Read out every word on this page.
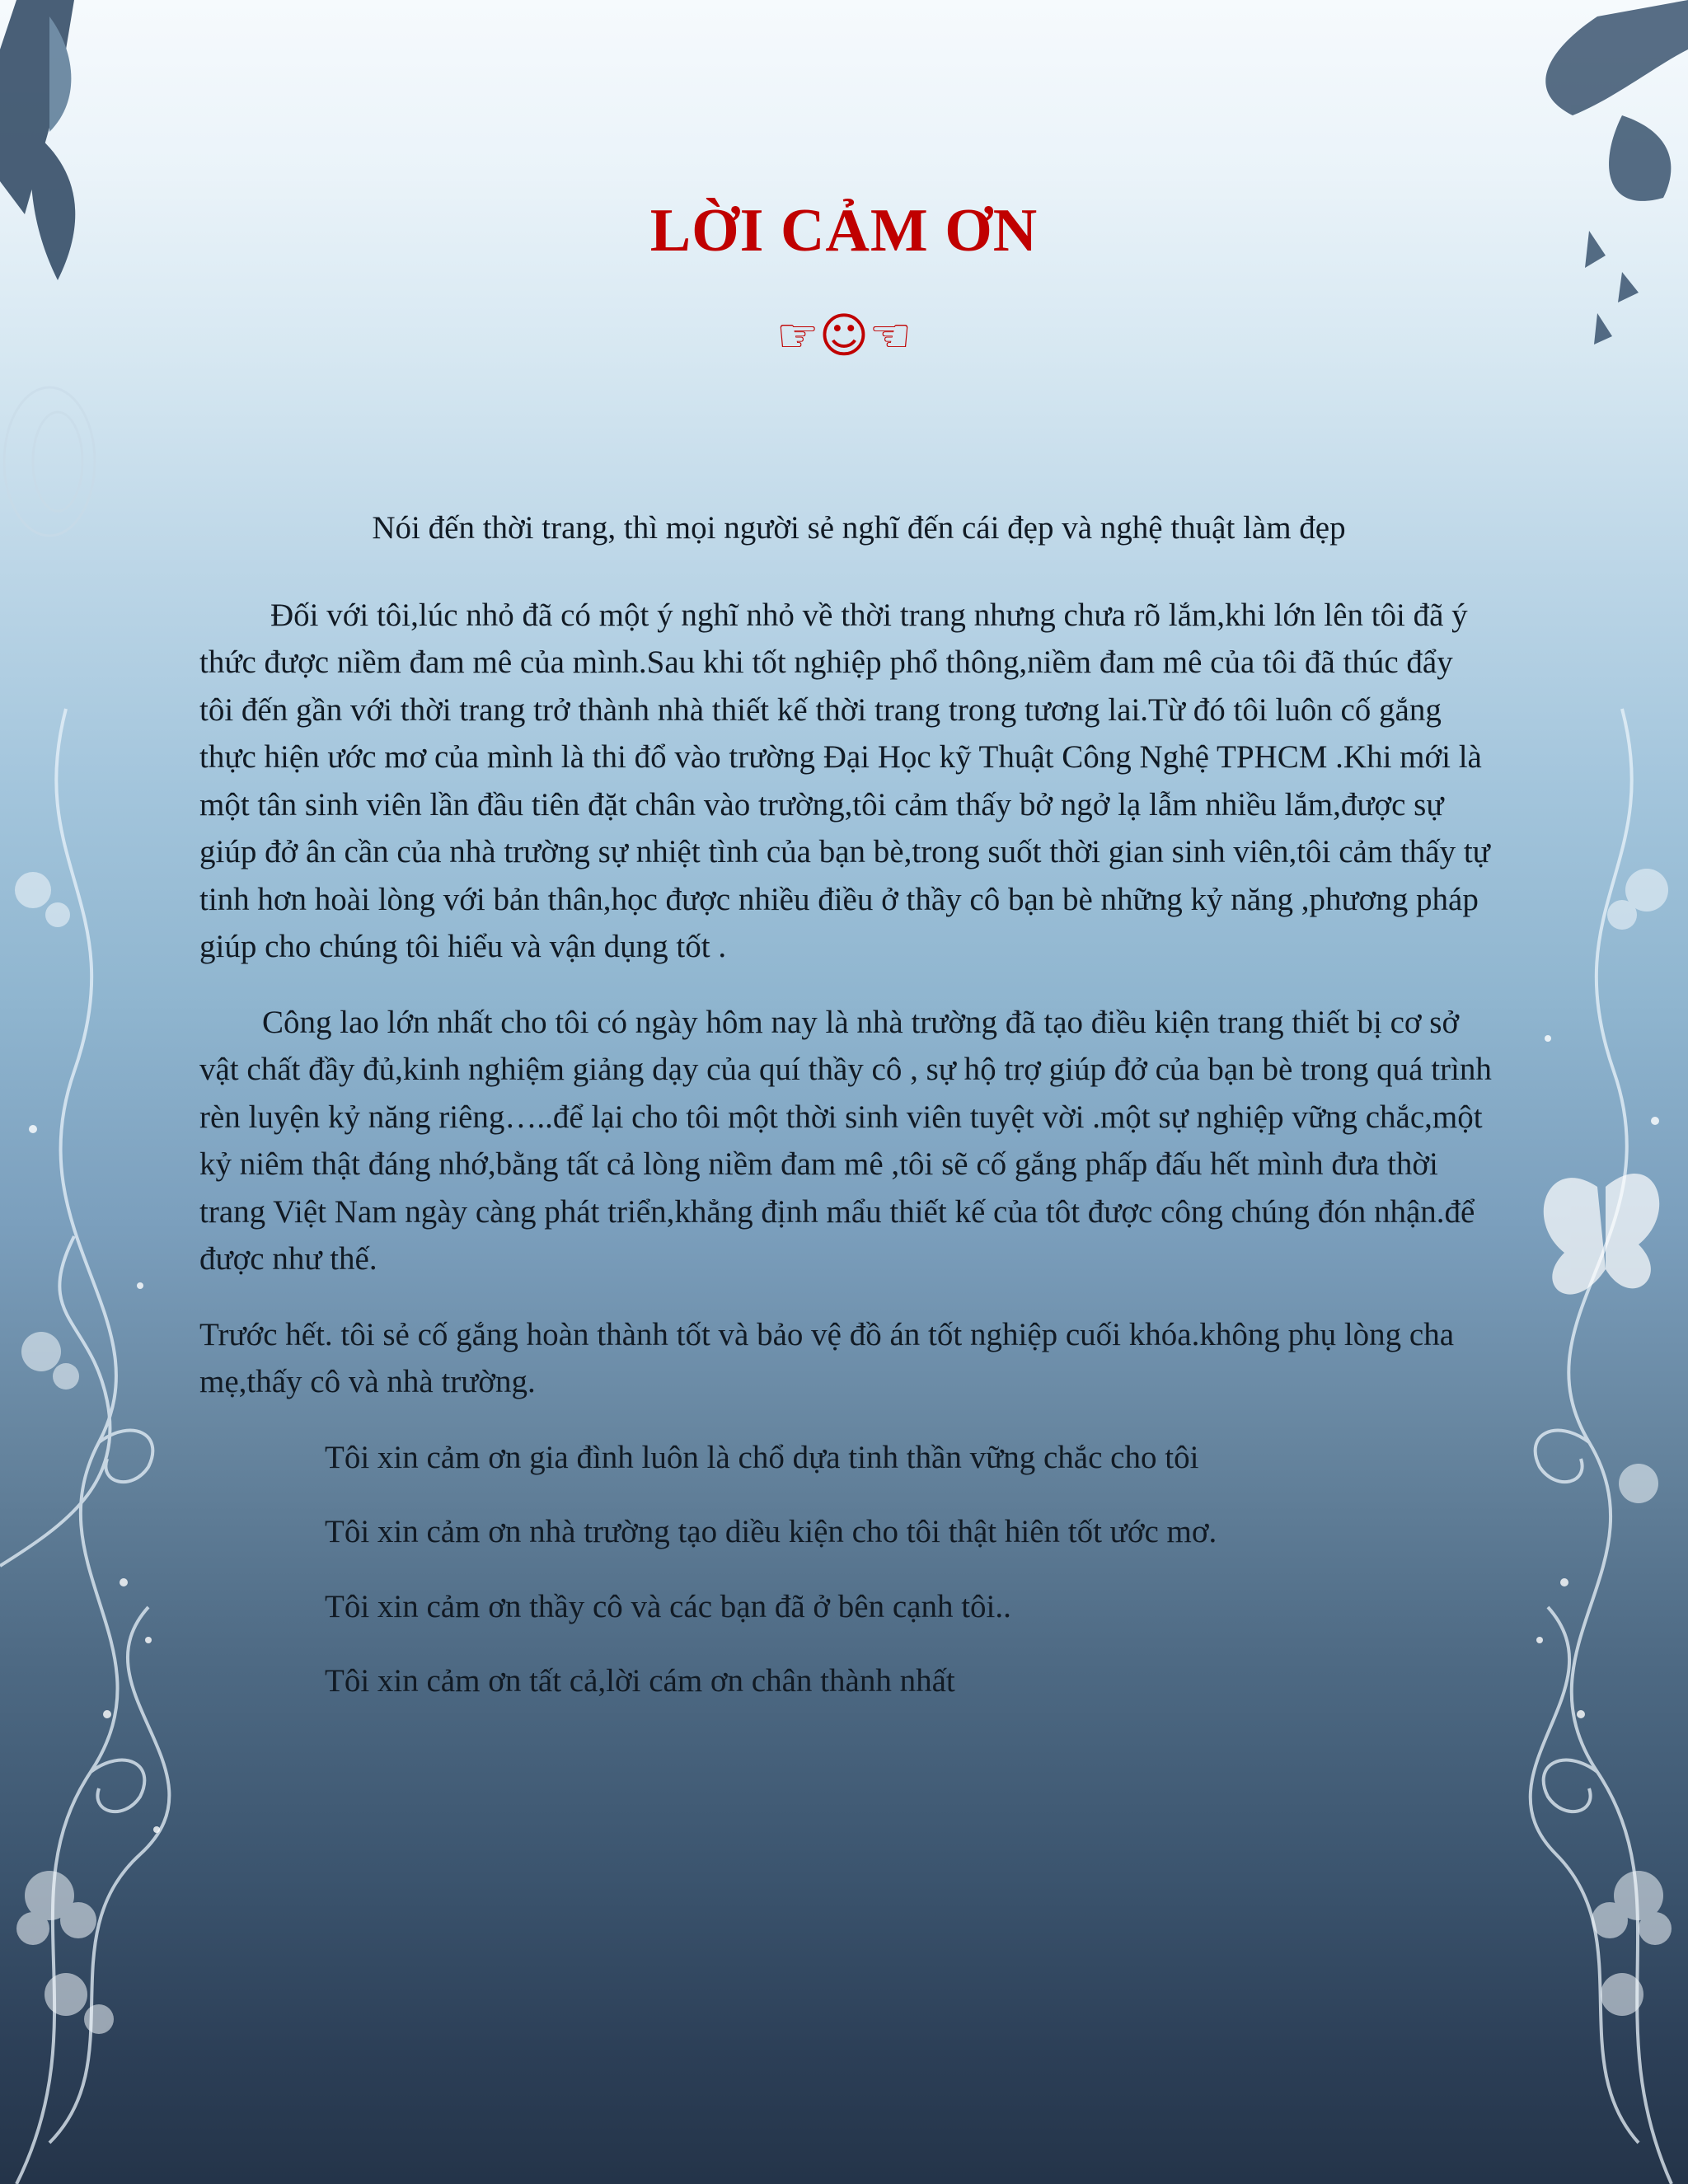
LỜI CẢM ƠN
☞☺☜

Nói đến thời trang, thì mọi người sẻ nghĩ đến cái đẹp và nghệ thuật làm đẹp

Đối với tôi,lúc nhỏ đã có một ý nghĩ nhỏ về thời trang nhưng chưa rõ lắm,khi lớn lên tôi đã ý thức được niềm đam mê của mình.Sau khi tốt nghiệp phổ thông,niềm đam mê của tôi đã thúc đẩy tôi đến gần với thời trang trở thành nhà thiết kế thời trang trong tương lai.Từ đó tôi luôn cố gắng thực hiện ước mơ của mình là thi đổ vào trường Đại Học kỹ Thuật Công Nghệ TPHCM .Khi mới là một tân sinh viên lần đầu tiên đặt chân vào trường,tôi cảm thấy bở ngở lạ lẫm nhiều lắm,được sự giúp đở ân cần của nhà trường sự nhiệt tình của bạn bè,trong suốt thời gian sinh viên,tôi cảm thấy tự tinh hơn hoài lòng với bản thân,học được nhiều điều ở thầy cô bạn bè những kỷ năng ,phương pháp giúp cho chúng tôi hiểu và vận dụng tốt .

Công lao lớn nhất cho tôi có ngày hôm nay là nhà trường đã tạo điều kiện trang thiết bị cơ sở vật chất đầy đủ,kinh nghiệm giảng dạy của quí thầy cô , sự hộ trợ giúp đở của bạn bè trong quá trình rèn luyện kỷ năng riêng…..để lại cho tôi một thời sinh viên tuyệt vời .một sự nghiệp vững chắc,một kỷ niêm thật đáng nhớ,bằng tất cả lòng niềm đam mê ,tôi sẽ cố gắng phấp đấu hết mình đưa thời trang Việt Nam ngày càng phát triển,khẳng định mẩu thiết kế của tôt được công chúng đón nhận.để được như thế.

Trước hết. tôi sẻ cố gắng hoàn thành tốt và bảo vệ đồ án tốt nghiệp cuối khóa.không phụ lòng cha mẹ,thấy cô và nhà trường.

Tôi xin cảm ơn gia đình luôn là chổ dựa tinh thần vững chắc cho tôi

Tôi xin cảm ơn nhà trường tạo diều kiện cho tôi thật hiên tốt ước mơ.

Tôi xin cảm ơn thầy cô và các bạn đã ở bên cạnh tôi..

Tôi xin cảm ơn tất cả,lời cám ơn chân thành nhất
